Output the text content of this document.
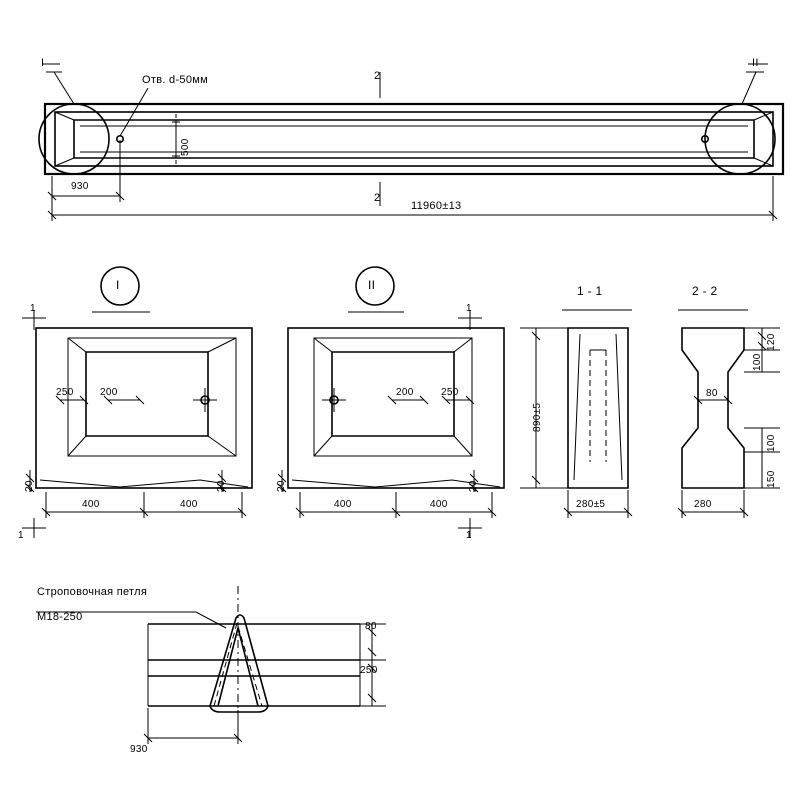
I	II
Отв. d-50мм	2
2
500
930
11960±13
I
1
1
250	200
20	20
400	400
II
1
1
200	250
20	20
400	400
1 - 1
890±5
280±5
2 - 2
120
100
80
100
150
280
Строповочная петля
М18-250
80
250
930
